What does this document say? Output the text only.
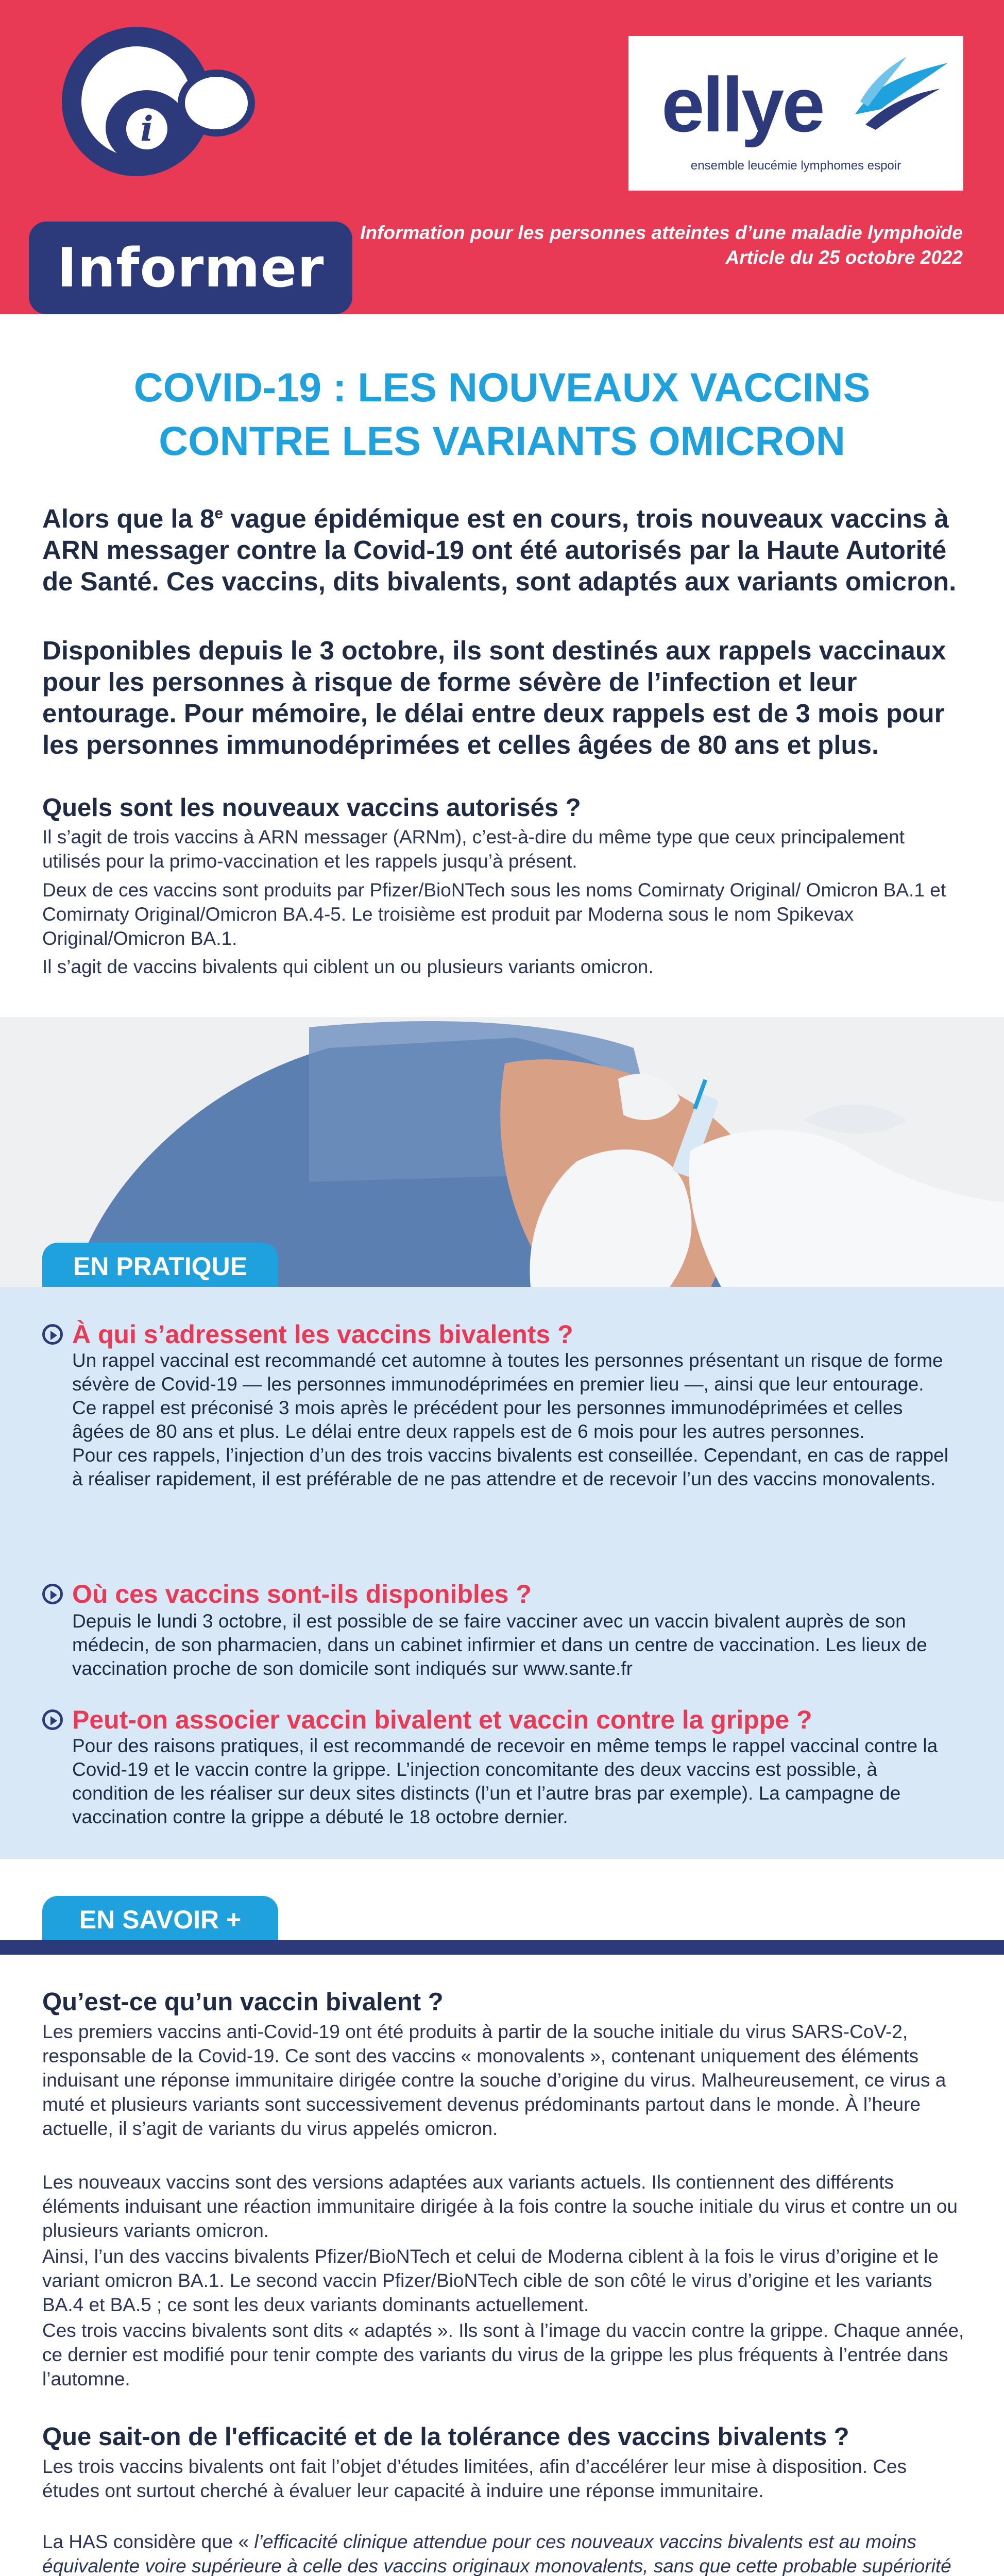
i
Informer
ellye
ensemble leucémie lymphomes espoir
Information pour les personnes atteintes d’une maladie lymphoïde
Article du 25 octobre 2022
COVID-19 : LES NOUVEAUX VACCINS
CONTRE LES VARIANTS OMICRON
Alors que la 8e vague épidémique est en cours, trois nouveaux vaccins à ARN messager contre la Covid-19 ont été autorisés par la Haute Autorité de Santé. Ces vaccins, dits bivalents, sont adaptés aux variants omicron.
Disponibles depuis le 3 octobre, ils sont destinés aux rappels vaccinaux pour les personnes à risque de forme sévère de l’infection et leur entourage. Pour mémoire, le délai entre deux rappels est de 3 mois pour les personnes immunodéprimées et celles âgées de 80 ans et plus.
Quels sont les nouveaux vaccins autorisés ?
Il s’agit de trois vaccins à ARN messager (ARNm), c’est-à-dire du même type que ceux principalement utilisés pour la primo-vaccination et les rappels jusqu’à présent.
Deux de ces vaccins sont produits par Pfizer/BioNTech sous les noms Comirnaty Original/ Omicron BA.1 et Comirnaty Original/Omicron BA.4-5. Le troisième est produit par Moderna sous le nom Spikevax Original/Omicron BA.1.
Il s’agit de vaccins bivalents qui ciblent un ou plusieurs variants omicron.
EN PRATIQUE
À qui s’adressent les vaccins bivalents ?
Un rappel vaccinal est recommandé cet automne à toutes les personnes présentant un risque de forme sévère de Covid-19 — les personnes immunodéprimées en premier lieu —, ainsi que leur entourage.
Ce rappel est préconisé 3 mois après le précédent pour les personnes immunodéprimées et celles âgées de 80 ans et plus. Le délai entre deux rappels est de 6 mois pour les autres personnes.
Pour ces rappels, l’injection d’un des trois vaccins bivalents est conseillée. Cependant, en cas de rappel à réaliser rapidement, il est préférable de ne pas attendre et de recevoir l’un des vaccins monovalents.
Où ces vaccins sont-ils disponibles ?
Depuis le lundi 3 octobre, il est possible de se faire vacciner avec un vaccin bivalent auprès de son médecin, de son pharmacien, dans un cabinet infirmier et dans un centre de vaccination. Les lieux de vaccination proche de son domicile sont indiqués sur www.sante.fr
Peut-on associer vaccin bivalent et vaccin contre la grippe ?
Pour des raisons pratiques, il est recommandé de recevoir en même temps le rappel vaccinal contre la Covid-19 et le vaccin contre la grippe. L’injection concomitante des deux vaccins est possible, à condition de les réaliser sur deux sites distincts (l’un et l’autre bras par exemple). La campagne de vaccination contre la grippe a débuté le 18 octobre dernier.
EN SAVOIR +
Qu’est-ce qu’un vaccin bivalent ?
Les premiers vaccins anti-Covid-19 ont été produits à partir de la souche initiale du virus SARS-CoV-2, responsable de la Covid-19. Ce sont des vaccins « monovalents », contenant uniquement des éléments induisant une réponse immunitaire dirigée contre la souche d’origine du virus. Malheureusement, ce virus a muté et plusieurs variants sont successivement devenus prédominants partout dans le monde. À l’heure actuelle, il s’agit de variants du virus appelés omicron.
Les nouveaux vaccins sont des versions adaptées aux variants actuels. Ils contiennent des différents éléments induisant une réaction immunitaire dirigée à la fois contre la souche initiale du virus et contre un ou plusieurs variants omicron.
Ainsi, l’un des vaccins bivalents Pfizer/BioNTech et celui de Moderna ciblent à la fois le virus d’origine et le variant omicron BA.1. Le second vaccin Pfizer/BioNTech cible de son côté le virus d’origine et les variants BA.4 et BA.5 ; ce sont les deux variants dominants actuellement.
Ces trois vaccins bivalents sont dits « adaptés ». Ils sont à l’image du vaccin contre la grippe. Chaque année, ce dernier est modifié pour tenir compte des variants du virus de la grippe les plus fréquents à l’entrée dans l’automne.
Que sait-on de l'efficacité et de la tolérance des vaccins bivalents ?
Les trois vaccins bivalents ont fait l’objet d’études limitées, afin d’accélérer leur mise à disposition. Ces études ont surtout cherché à évaluer leur capacité à induire une réponse immunitaire.
La HAS considère que « l’efficacité clinique attendue pour ces nouveaux vaccins bivalents est au moins équivalente voire supérieure à celle des vaccins originaux monovalents, sans que cette probable supériorité
